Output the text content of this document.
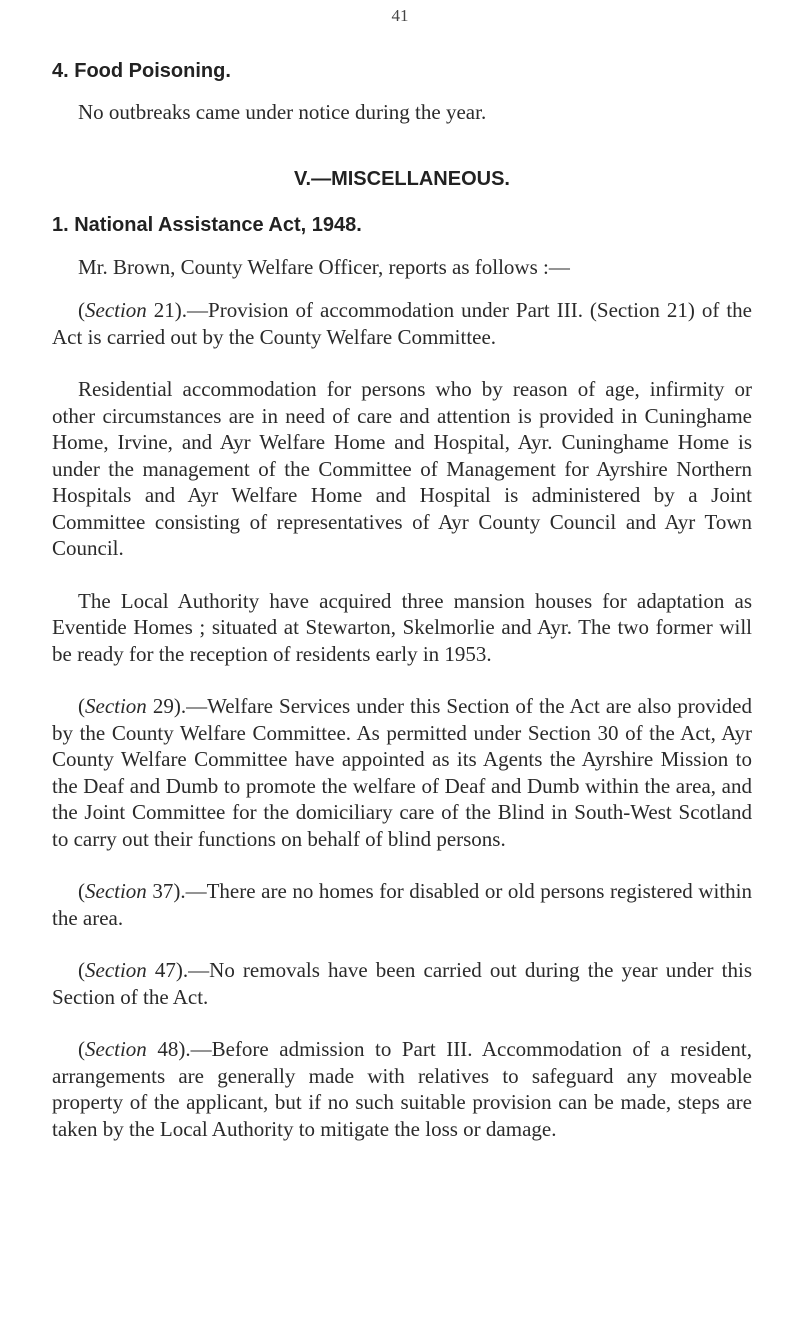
41
4. Food Poisoning.

No outbreaks came under notice during the year.

V.—MISCELLANEOUS.
1. National Assistance Act, 1948.

Mr. Brown, County Welfare Officer, reports as follows :—

(Section 21).—Provision of accommodation under Part III. (Section 21) of the Act is carried out by the County Welfare Committee.

Residential accommodation for persons who by reason of age, infirmity or other circumstances are in need of care and attention is provided in Cuninghame Home, Irvine, and Ayr Welfare Home and Hospital, Ayr. Cuninghame Home is under the management of the Committee of Management for Ayrshire Northern Hospitals and Ayr Welfare Home and Hospital is administered by a Joint Committee consisting of representatives of Ayr County Council and Ayr Town Council.

The Local Authority have acquired three mansion houses for adaptation as Eventide Homes ; situated at Stewarton, Skelmorlie and Ayr. The two former will be ready for the reception of residents early in 1953.

(Section 29).—Welfare Services under this Section of the Act are also provided by the County Welfare Committee. As permitted under Section 30 of the Act, Ayr County Welfare Committee have appointed as its Agents the Ayrshire Mission to the Deaf and Dumb to promote the welfare of Deaf and Dumb within the area, and the Joint Committee for the domiciliary care of the Blind in South-West Scotland to carry out their functions on behalf of blind persons.

(Section 37).—There are no homes for disabled or old persons registered within the area.

(Section 47).—No removals have been carried out during the year under this Section of the Act.

(Section 48).—Before admission to Part III. Accommodation of a resident, arrangements are generally made with relatives to safeguard any moveable property of the applicant, but if no such suitable provision can be made, steps are taken by the Local Authority to mitigate the loss or damage.
